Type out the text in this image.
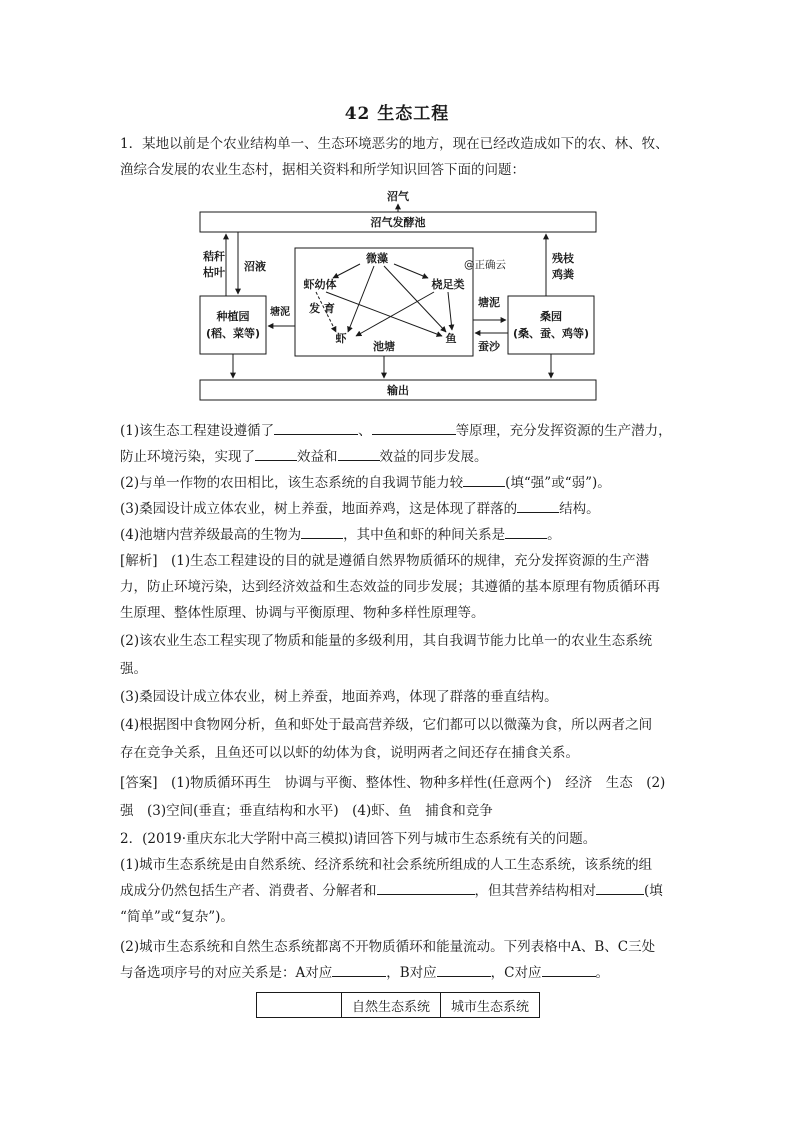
42 生态工程
1．某地以前是个农业结构单一、生态环境恶劣的地方，现在已经改造成如下的农、林、牧、
渔综合发展的农业生态村，据相关资料和所学知识回答下面的问题：
沼气
沼气发酵池
秸秆
枯叶 沼液
种植园
(稻、菜等)
塘泥
微藻
虾幼体	桡足类
发 育
虾	鱼
池塘
@正确云	残枝
鸡粪
塘泥
蚕沙
桑园
(桑、蚕、鸡等)
输出
(1)该生态工程建设遵循了	、	等原理，充分发挥资源的生产潜力，
防止环境污染，实现了	效益和	效益的同步发展。
(2)与单一作物的农田相比，该生态系统的自我调节能力较	(填“强”或“弱”)。
(3)桑园设计成立体农业，树上养蚕，地面养鸡，这是体现了群落的	结构。
(4)池塘内营养级最高的生物为	，其中鱼和虾的种间关系是	。
[解析]　(1)生态工程建设的目的就是遵循自然界物质循环的规律，充分发挥资源的生产潜
力，防止环境污染，达到经济效益和生态效益的同步发展；其遵循的基本原理有物质循环再
生原理、整体性原理、协调与平衡原理、物种多样性原理等。
(2)该农业生态工程实现了物质和能量的多级利用，其自我调节能力比单一的农业生态系统
强。
(3)桑园设计成立体农业，树上养蚕，地面养鸡，体现了群落的垂直结构。
(4)根据图中食物网分析，鱼和虾处于最高营养级，它们都可以以微藻为食，所以两者之间
存在竞争关系，且鱼还可以以虾的幼体为食，说明两者之间还存在捕食关系。
[答案]　(1)物质循环再生　协调与平衡、整体性、物种多样性(任意两个)　经济　生态　(2)
强　(3)空间(垂直；垂直结构和水平)　(4)虾、鱼　捕食和竞争
2．(2019·重庆东北大学附中高三模拟)请回答下列与城市生态系统有关的问题。
(1)城市生态系统是由自然系统、经济系统和社会系统所组成的人工生态系统，该系统的组
成成分仍然包括生产者、消费者、分解者和	，但其营养结构相对	(填
“简单”或“复杂”)。
(2)城市生态系统和自然生态系统都离不开物质循环和能量流动。下列表格中A、B、C三处
与备选项序号的对应关系是：A对应	，B对应	，C对应	。
	自然生态系统	城市生态系统
